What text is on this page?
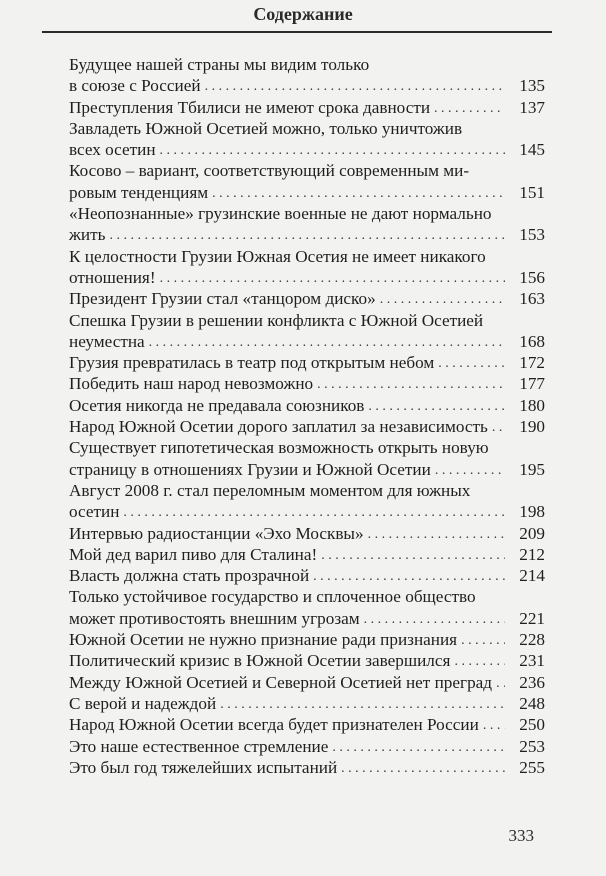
Содержание
Будущее нашей страны мы видим только
в союзе с Россией . . .	135
Преступления Тбилиси не имеют срока давности . . .	137
Завладеть Южной Осетией можно, только уничтожив
всех осетин . . .	145
Косово – вариант, соответствующий современным ми-
ровым тенденциям . . .	151
«Неопознанные» грузинские военные не дают нормально
жить . . .	153
К целостности Грузии Южная Осетия не имеет никакого
отношения! . . .	156
Президент Грузии стал «танцором диско» . . .	163
Спешка Грузии в решении конфликта с Южной Осетией
неуместна . . .	168
Грузия превратилась в театр под открытым небом . . .	172
Победить наш народ невозможно . . .	177
Осетия никогда не предавала союзников . . .	180
Народ Южной Осетии дорого заплатил за независимость . . .	190
Существует гипотетическая возможность открыть новую
страницу в отношениях Грузии и Южной Осетии . . .	195
Август 2008 г. стал переломным моментом для южных
осетин . . .	198
Интервью радиостанции «Эхо Москвы» . . .	209
Мой дед варил пиво для Сталина! . . .	212
Власть должна стать прозрачной . . .	214
Только устойчивое государство и сплоченное общество
может противостоять внешним угрозам . . .	221
Южной Осетии не нужно признание ради признания . . .	228
Политический кризис в Южной Осетии завершился . . .	231
Между Южной Осетией и Северной Осетией нет преград . . .	236
С верой и надеждой . . .	248
Народ Южной Осетии всегда будет признателен России . . .	250
Это наше естественное стремление . . .	253
Это был год тяжелейших испытаний . . .	255
333
